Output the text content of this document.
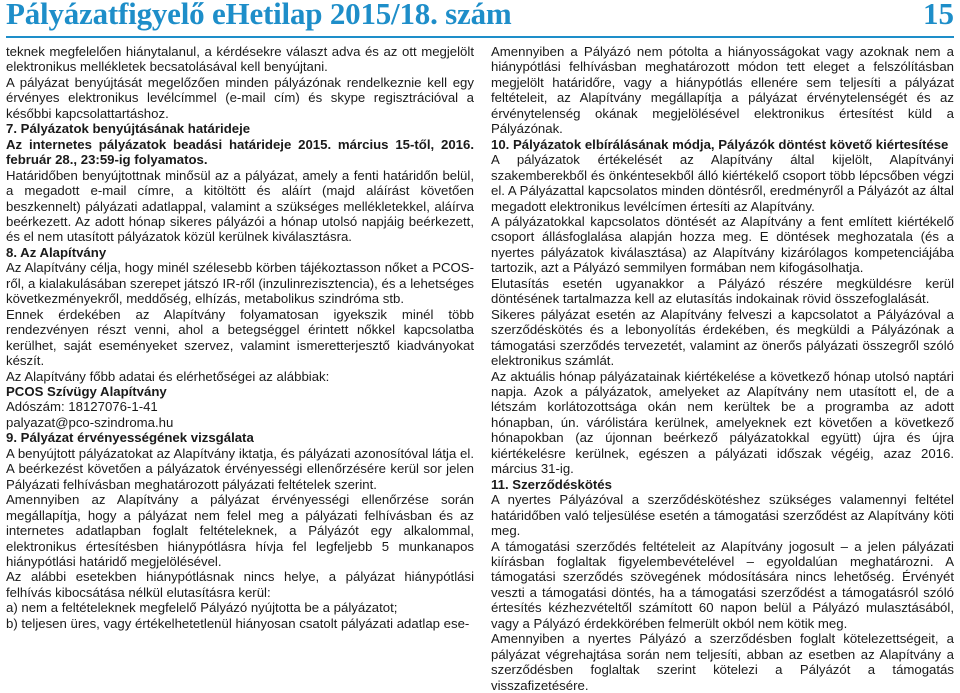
Pályázatfigyelő eHetilap 2015/18. szám	15

teknek megfelelően hiánytalanul, a kérdésekre választ adva és az ott megjelölt elektronikus mellékletek becsatolásával kell benyújtani.

A pályázat benyújtását megelőzően minden pályázónak rendelkeznie kell egy érvényes elektronikus levélcímmel (e-mail cím) és skype regisztrációval a későbbi kapcsolattartáshoz.

7. Pályázatok benyújtásának határideje

Az internetes pályázatok beadási határideje 2015. március 15-től, 2016. február 28., 23:59-ig folyamatos.

Határidőben benyújtottnak minősül az a pályázat, amely a fenti határidőn belül, a megadott e-mail címre, a kitöltött és aláírt (majd aláírást követően beszkennelt) pályázati adatlappal, valamint a szükséges mellékletekkel, aláírva beérkezett. Az adott hónap sikeres pályázói a hónap utolsó napjáig beérkezett, és el nem utasított pályázatok közül kerülnek kiválasztásra.

8. Az Alapítvány

Az Alapítvány célja, hogy minél szélesebb körben tájékoztasson nőket a PCOS-ről, a kialakulásában szerepet játszó IR-ről (inzulinrezisztencia), és a lehetséges következményekről, meddőség, elhízás, metabolikus szindróma stb.

Ennek érdekében az Alapítvány folyamatosan igyekszik minél több rendezvényen részt venni, ahol a betegséggel érintett nőkkel kapcsolatba kerülhet, saját eseményeket szervez, valamint ismeretterjesztő kiadványokat készít.

Az Alapítvány főbb adatai és elérhetőségei az alábbiak:

PCOS Szívügy Alapítvány

Adószám: 18127076-1-41

palyazat@pco-szindroma.hu

9. Pályázat érvényességének vizsgálata

A benyújtott pályázatokat az Alapítvány iktatja, és pályázati azonosítóval látja el. A beérkezést követően a pályázatok érvényességi ellenőrzésére kerül sor jelen Pályázati felhívásban meghatározott pályázati feltételek szerint.

Amennyiben az Alapítvány a pályázat érvényességi ellenőrzése során megállapítja, hogy a pályázat nem felel meg a pályázati felhívásban és az internetes adatlapban foglalt feltételeknek, a Pályázót egy alkalommal, elektronikus értesítésben hiánypótlásra hívja fel legfeljebb 5 munkanapos hiánypótlási határidő megjelölésével.

Az alábbi esetekben hiánypótlásnak nincs helye, a pályázat hiánypótlási felhívás kibocsátása nélkül elutasításra kerül:

a) nem a feltételeknek megfelelő Pályázó nyújtotta be a pályázatot;

b) teljesen üres, vagy értékelhetetlenül hiányosan csatolt pályázati adatlap ese-

Amennyiben a Pályázó nem pótolta a hiányosságokat vagy azoknak nem a hiánypótlási felhívásban meghatározott módon tett eleget a felszólításban megjelölt határidőre, vagy a hiánypótlás ellenére sem teljesíti a pályázat feltételeit, az Alapítvány megállapítja a pályázat érvénytelenségét és az érvénytelenség okának megjelölésével elektronikus értesítést küld a Pályázónak.

10. Pályázatok elbírálásának módja, Pályázók döntést követő kiértesítése

A pályázatok értékelését az Alapítvány által kijelölt, Alapítványi szakemberekből és önkéntesekből álló kiértékelő csoport több lépcsőben végzi el. A Pályázattal kapcsolatos minden döntésről, eredményről a Pályázót az által megadott elektronikus levélcímen értesíti az Alapítvány.

A pályázatokkal kapcsolatos döntését az Alapítvány a fent említett kiértékelő csoport állásfoglalása alapján hozza meg. E döntések meghozatala (és a nyertes pályázatok kiválasztása) az Alapítvány kizárólagos kompetenciájába tartozik, azt a Pályázó semmilyen formában nem kifogásolhatja.

Elutasítás esetén ugyanakkor a Pályázó részére megküldésre kerül döntésének tartalmazza kell az elutasítás indokainak rövid összefoglalását.

Sikeres pályázat esetén az Alapítvány felveszi a kapcsolatot a Pályázóval a szerződéskötés és a lebonyolítás érdekében, és megküldi a Pályázónak a támogatási szerződés tervezetét, valamint az önerős pályázati összegről szóló elektronikus számlát.

Az aktuális hónap pályázatainak kiértékelése a következő hónap utolsó naptári napja. Azok a pályázatok, amelyeket az Alapítvány nem utasított el, de a létszám korlátozottsága okán nem kerültek be a programba az adott hónapban, ún. várólistára kerülnek, amelyeknek ezt követően a következő hónapokban (az újonnan beérkező pályázatokkal együtt) újra és újra kiértékelésre kerülnek, egészen a pályázati időszak végéig, azaz 2016. március 31-ig.

11. Szerződéskötés

A nyertes Pályázóval a szerződéskötéshez szükséges valamennyi feltétel határidőben való teljesülése esetén a támogatási szerződést az Alapítvány köti meg.

A támogatási szerződés feltételeit az Alapítvány jogosult – a jelen pályázati kiírásban foglaltak figyelembevételével – egyoldalúan meghatározni. A támogatási szerződés szövegének módosítására nincs lehetőség. Érvényét veszti a támogatási döntés, ha a támogatási szerződést a támogatásról szóló értesítés kézhezvételtől számított 60 napon belül a Pályázó mulasztásából, vagy a Pályázó érdekkörében felmerült okból nem kötik meg.

Amennyiben a nyertes Pályázó a szerződésben foglalt kötelezettségeit, a pályázat végrehajtása során nem teljesíti, abban az esetben az Alapítvány a szerződésben foglaltak szerint kötelezi a Pályázót a támogatás visszafizetésére.
